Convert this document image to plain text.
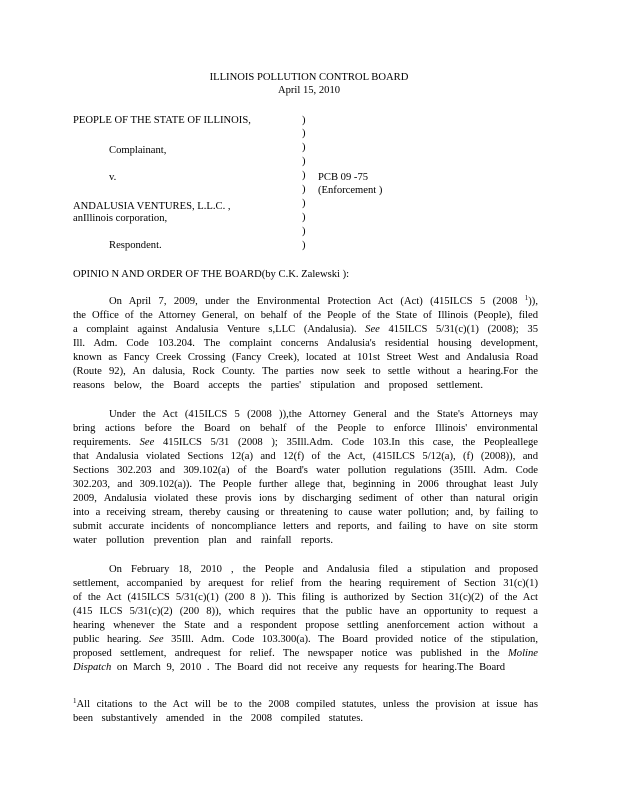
ILLINOIS POLLUTION CONTROL BOARD
April 15, 2010
PEOPLE OF THE STATE OF ILLINOIS,
Complainant,
v.
ANDALUSIA VENTURES, L.L.C. ,
anIllinois corporation,
Respondent.
)
)
)
)
)
)
)
)
)
)
PCB 09 -75
(Enforcement )
OPINIO N AND ORDER OF THE BOARD(by C.K. Zalewski ):
On April 7, 2009, under the Environmental Protection Act (Act) (415ILCS 5 (2008 $^1$)),
the Office of the Attorney General, on behalf of the People of the State of Illinois (People), filed
a complaint against Andalusia Venture s,LLC (Andalusia). See 415ILCS 5/31(c)(1) (2008); 35
Ill. Adm. Code 103.204. The complaint concerns Andalusia's residential housing development,
known as Fancy Creek Crossing (Fancy Creek), located at 101st Street West and Andalusia Road
(Route 92), An dalusia, Rock County. The parties now seek to settle without a hearing.For the
reasons below, the Board accepts the parties' stipulation and proposed settlement.
Under the Act (415ILCS 5 (2008 )),the Attorney General and the State's Attorneys may
bring actions before the Board on behalf of the People to enforce Illinois' environmental
requirements. See 415ILCS 5/31 (2008 ); 35Ill.Adm. Code 103.In this case, the Peopleallege
that Andalusia violated Sections 12(a) and 12(f) of the Act, (415ILCS 5/12(a), (f) (2008)), and
Sections 302.203 and 309.102(a) of the Board's water pollution regulations (35Ill. Adm. Code
302.203, and 309.102(a)). The People further allege that, beginning in 2006 throughat least July
2009, Andalusia violated these provis ions by discharging sediment of other than natural origin
into a receiving stream, thereby causing or threatening to cause water pollution; and, by failing to
submit accurate incidents of noncompliance letters and reports, and failing to have on site storm
water pollution prevention plan and rainfall reports.
On February 18, 2010 , the People and Andalusia filed a stipulation and proposed
settlement, accompanied by arequest for relief from the hearing requirement of Section 31(c)(1)
of the Act (415ILCS 5/31(c)(1) (200 8 )). This filing is authorized by Section 31(c)(2) of the Act
(415 ILCS 5/31(c)(2) (200 8)), which requires that the public have an opportunity to request a
hearing whenever the State and a respondent propose settling anenforcement action without a
public hearing. See 35Ill. Adm. Code 103.300(a). The Board provided notice of the stipulation,
proposed settlement, andrequest for relief. The newspaper notice was published in the Moline
Dispatch on March 9, 2010 . The Board did not receive any requests for hearing.The Board
$^1$All citations to the Act will be to the 2008 compiled statutes, unless the provision at issue has
been substantively amended in the 2008 compiled statutes.
